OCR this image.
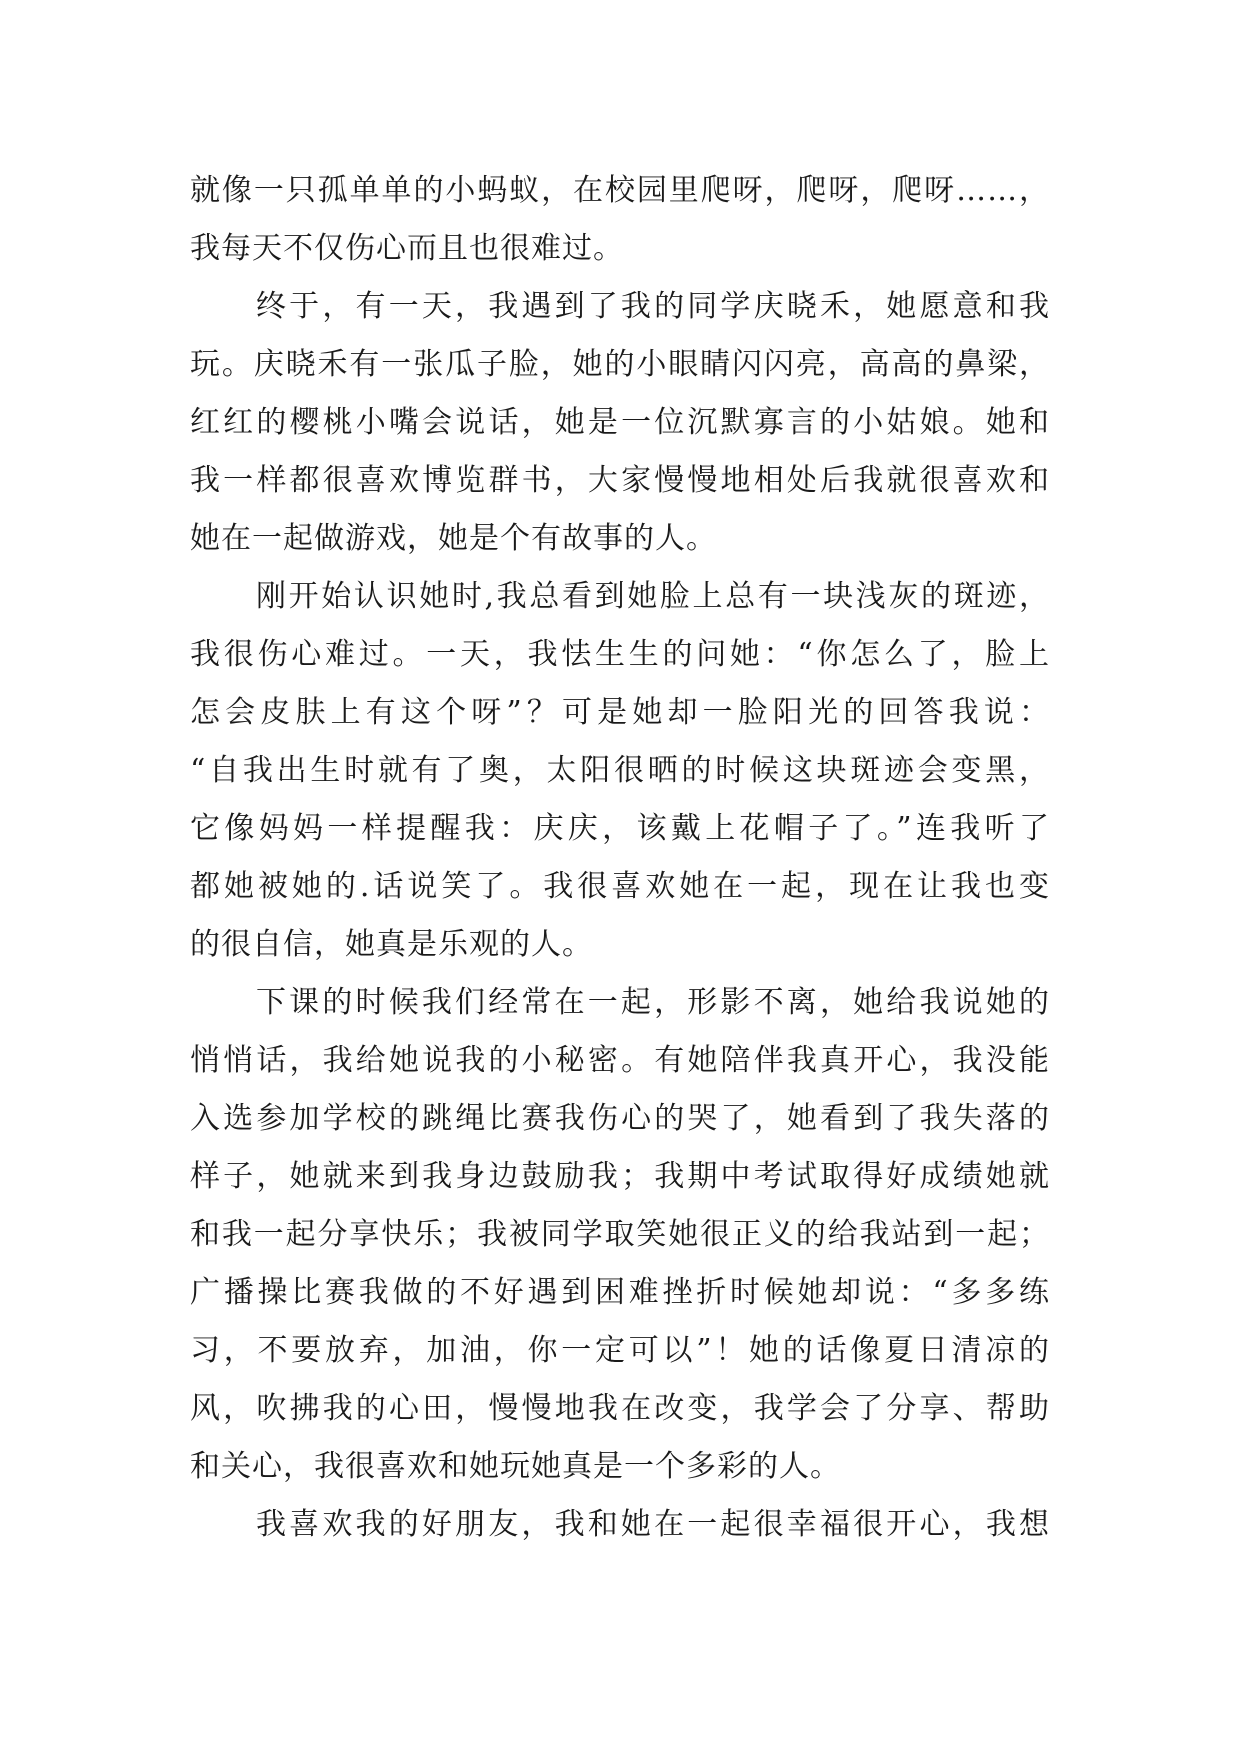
就像一只孤单单的小蚂蚁，在校园里爬呀，爬呀，爬呀……，
我每天不仅伤心而且也很难过。
终于，有一天，我遇到了我的同学庆晓禾，她愿意和我
玩。庆晓禾有一张瓜子脸，她的小眼睛闪闪亮，高高的鼻梁，
红红的樱桃小嘴会说话，她是一位沉默寡言的小姑娘。她和
我一样都很喜欢博览群书，大家慢慢地相处后我就很喜欢和
她在一起做游戏，她是个有故事的人。
刚开始认识她时,我总看到她脸上总有一块浅灰的斑迹，
我很伤心难过。一天，我怯生生的问她：“你怎么了，脸上
怎会皮肤上有这个呀”？可是她却一脸阳光的回答我说：
“自我出生时就有了奥，太阳很晒的时候这块斑迹会变黑，
它像妈妈一样提醒我：庆庆，该戴上花帽子了。”连我听了
都她被她的.话说笑了。我很喜欢她在一起，现在让我也变
的很自信，她真是乐观的人。
下课的时候我们经常在一起，形影不离，她给我说她的
悄悄话，我给她说我的小秘密。有她陪伴我真开心，我没能
入选参加学校的跳绳比赛我伤心的哭了，她看到了我失落的
样子，她就来到我身边鼓励我；我期中考试取得好成绩她就
和我一起分享快乐；我被同学取笑她很正义的给我站到一起；
广播操比赛我做的不好遇到困难挫折时候她却说：“多多练
习，不要放弃，加油，你一定可以”！她的话像夏日清凉的
风，吹拂我的心田，慢慢地我在改变，我学会了分享、帮助
和关心，我很喜欢和她玩她真是一个多彩的人。
我喜欢我的好朋友，我和她在一起很幸福很开心，我想
